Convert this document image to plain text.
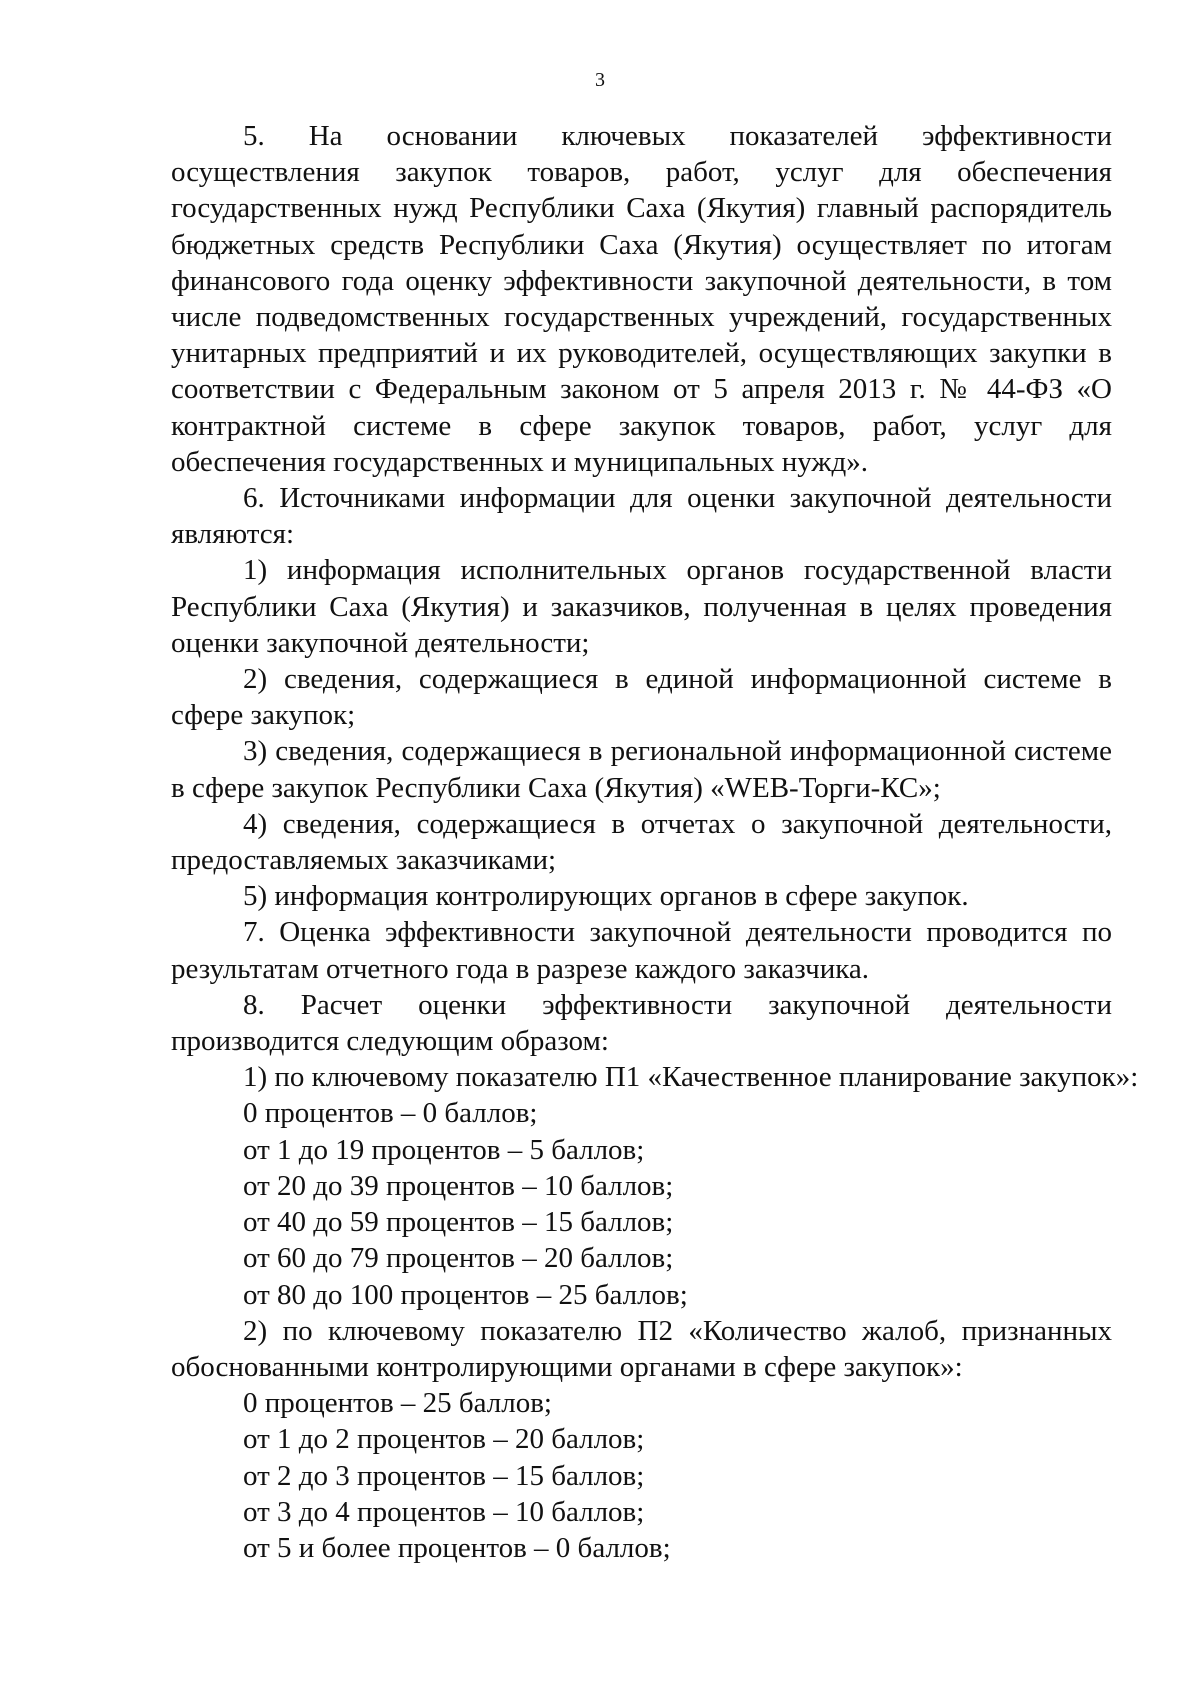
3

5. На основании ключевых показателей эффективности осуществления закупок товаров, работ, услуг для обеспечения государственных нужд Республики Саха (Якутия) главный распорядитель бюджетных средств Республики Саха (Якутия) осуществляет по итогам финансового года оценку эффективности закупочной деятельности, в том числе подведомственных государственных учреждений, государственных унитарных предприятий и их руководителей, осуществляющих закупки в соответствии с Федеральным законом от 5 апреля 2013 г. № 44-ФЗ «О контрактной системе в сфере закупок товаров, работ, услуг для обеспечения государственных и муниципальных нужд».

6. Источниками информации для оценки закупочной деятельности являются:

1) информация исполнительных органов государственной власти Республики Саха (Якутия) и заказчиков, полученная в целях проведения оценки закупочной деятельности;

2) сведения, содержащиеся в единой информационной системе в сфере закупок;

3) сведения, содержащиеся в региональной информационной системе в сфере закупок Республики Саха (Якутия) «WEB-Торги-КС»;

4) сведения, содержащиеся в отчетах о закупочной деятельности, предоставляемых заказчиками;

5) информация контролирующих органов в сфере закупок.

7. Оценка эффективности закупочной деятельности проводится по результатам отчетного года в разрезе каждого заказчика.

8. Расчет оценки эффективности закупочной деятельности производится следующим образом:

1) по ключевому показателю П1 «Качественное планирование закупок»:

0 процентов – 0 баллов;

от 1 до 19 процентов – 5 баллов;

от 20 до 39 процентов – 10 баллов;

от 40 до 59 процентов – 15 баллов;

от 60 до 79 процентов – 20 баллов;

от 80 до 100 процентов – 25 баллов;

2) по ключевому показателю П2 «Количество жалоб, признанных обоснованными контролирующими органами в сфере закупок»:

0 процентов – 25 баллов;

от 1 до 2 процентов – 20 баллов;

от 2 до 3 процентов – 15 баллов;

от 3 до 4 процентов – 10 баллов;

от 5 и более процентов – 0 баллов;
